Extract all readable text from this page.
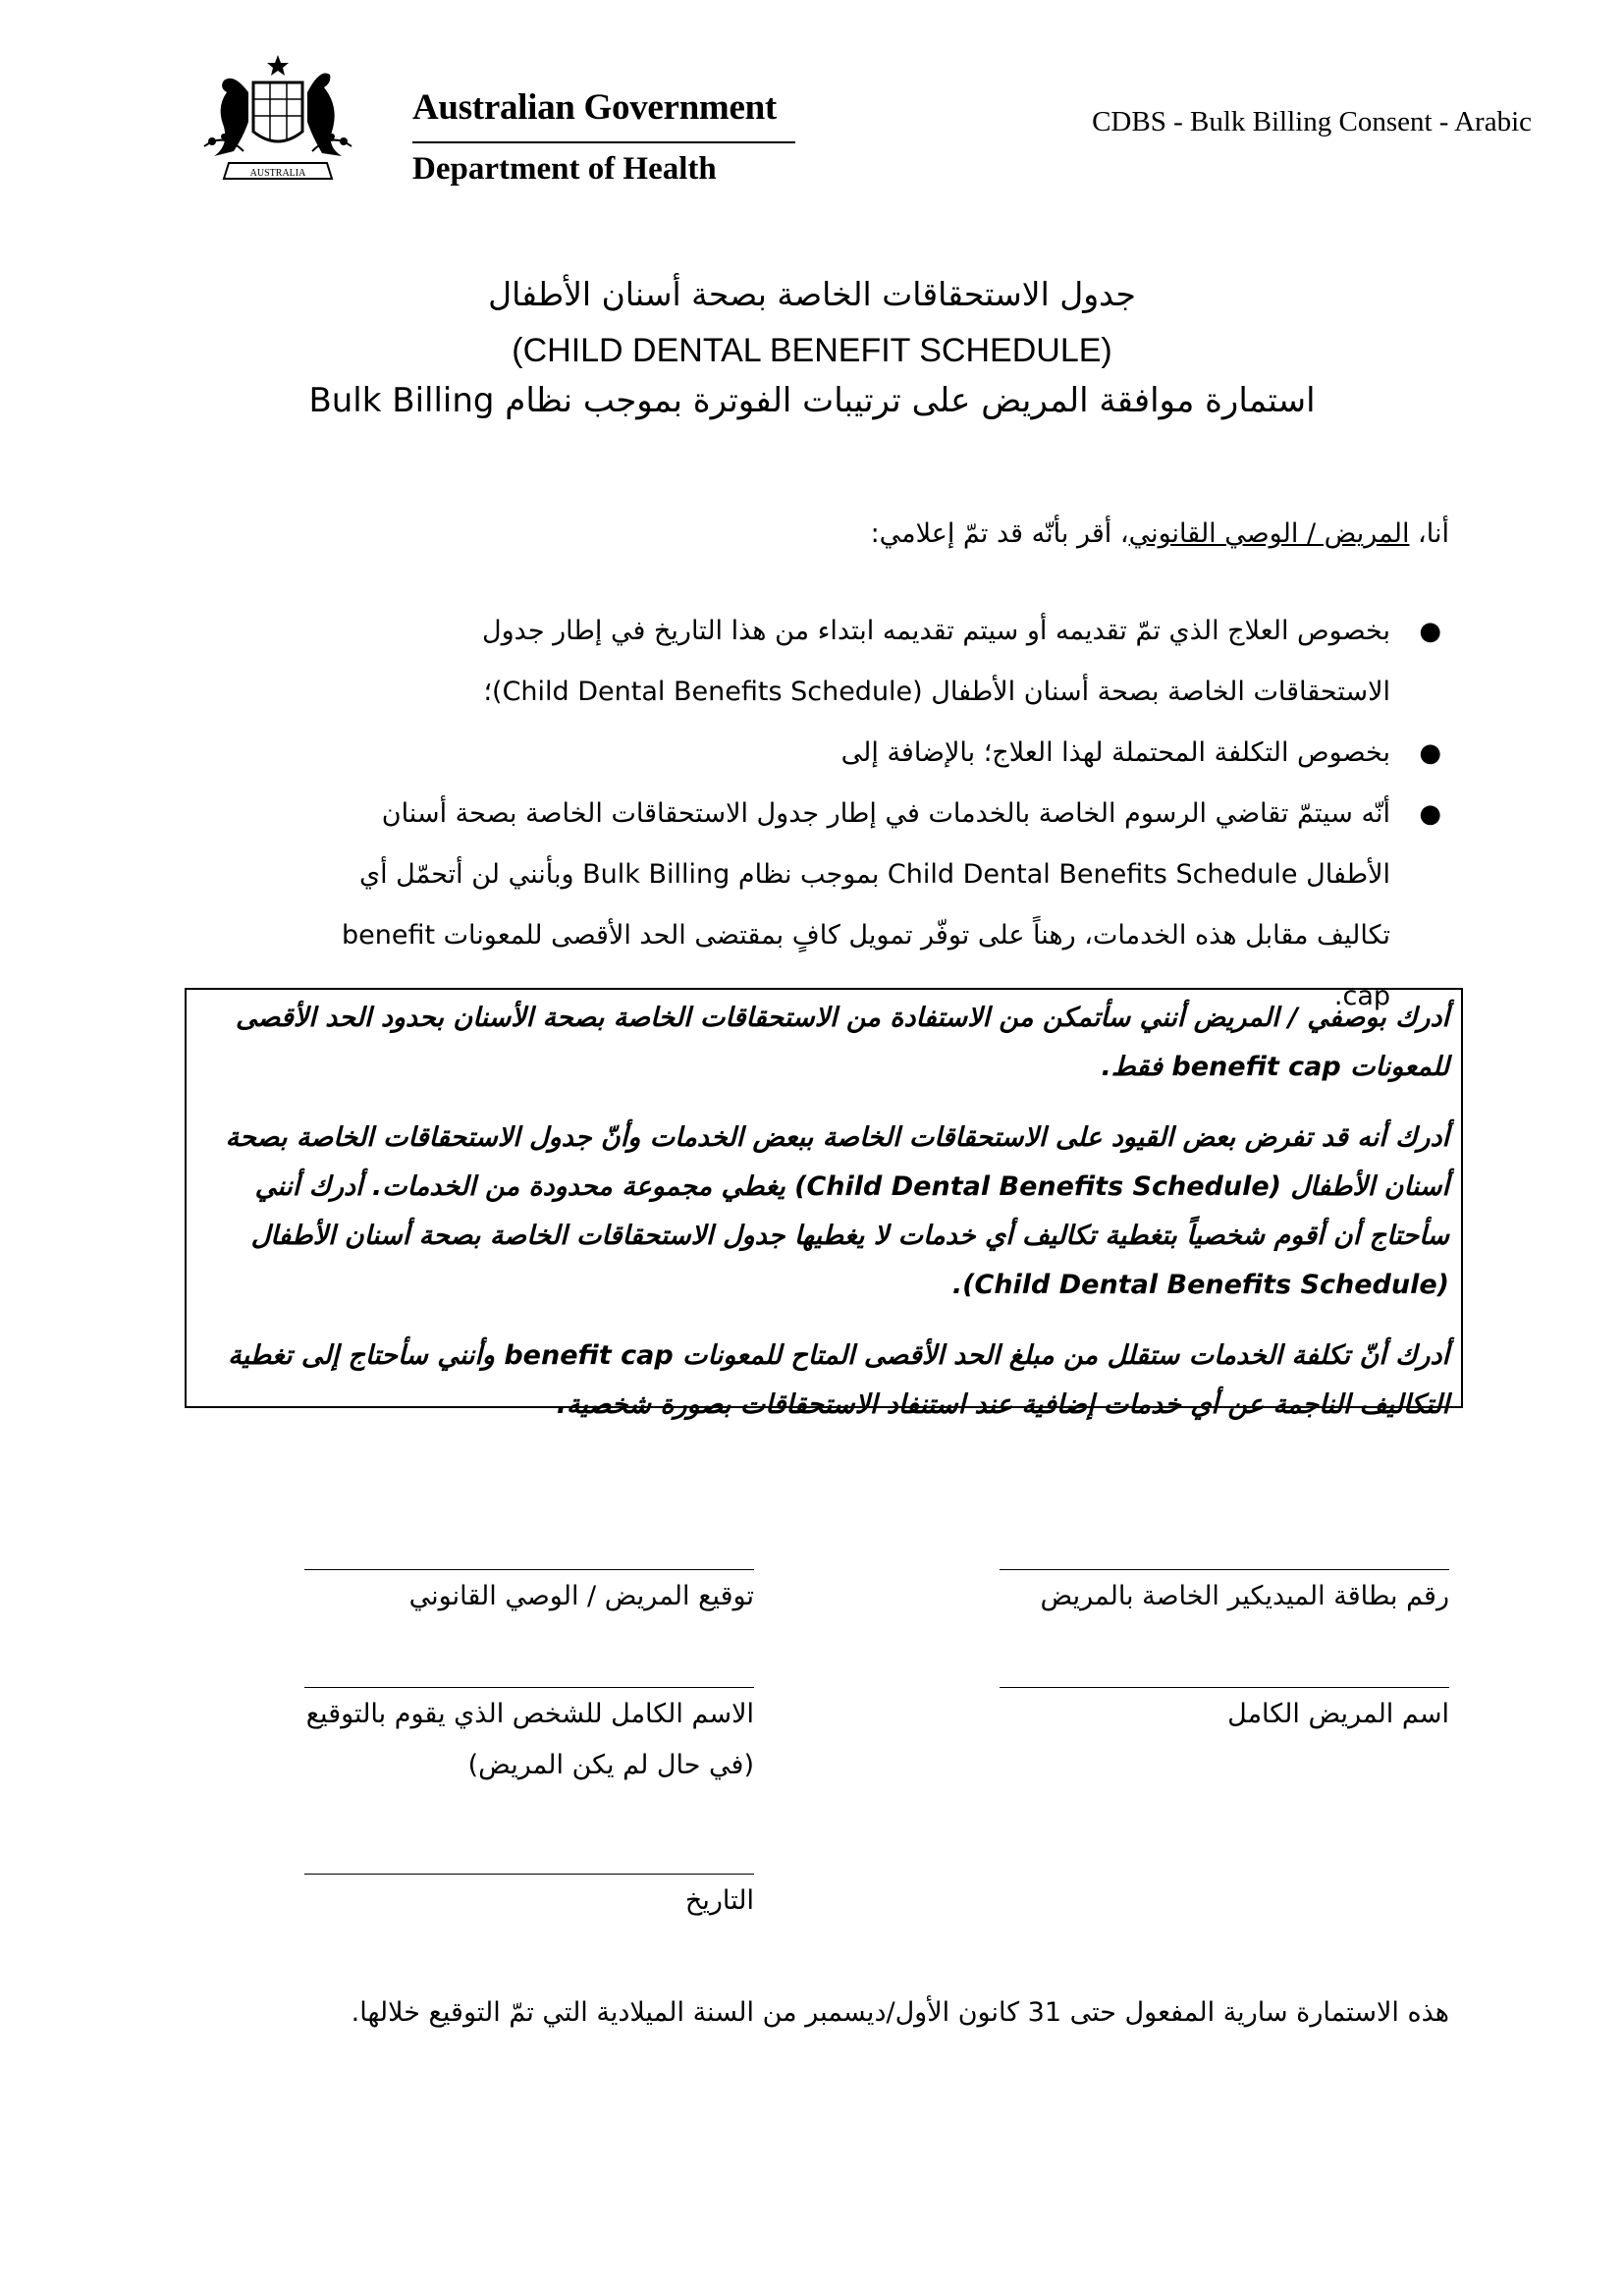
AUSTRALIA
Australian Government
Department of Health
CDBS - Bulk Billing Consent - Arabic
جدول الاستحقاقات الخاصة بصحة أسنان الأطفال
(CHILD DENTAL BENEFIT SCHEDULE)
استمارة موافقة المريض على ترتيبات الفوترة بموجب نظام Bulk Billing
أنا، المريض / الوصي القانوني، أقر بأنّه قد تمّ إعلامي:
●
بخصوص العلاج الذي تمّ تقديمه أو سيتم تقديمه ابتداء من هذا التاريخ في إطار جدول الاستحقاقات الخاصة بصحة أسنان الأطفال (Child Dental Benefits Schedule)؛
●
بخصوص التكلفة المحتملة لهذا العلاج؛ بالإضافة إلى
●
أنّه سيتمّ تقاضي الرسوم الخاصة بالخدمات في إطار جدول الاستحقاقات الخاصة بصحة أسنان الأطفال Child Dental Benefits Schedule بموجب نظام Bulk Billing وبأنني لن أتحمّل أي تكاليف مقابل هذه الخدمات، رهناً على توفّر تمويل كافٍ بمقتضى الحد الأقصى للمعونات benefit cap.

أدرك بوصفي / المريض أنني سأتمكن من الاستفادة من الاستحقاقات الخاصة بصحة الأسنان بحدود الحد الأقصى للمعونات benefit cap فقط.

أدرك أنه قد تفرض بعض القيود على الاستحقاقات الخاصة ببعض الخدمات وأنّ جدول الاستحقاقات الخاصة بصحة أسنان الأطفال (Child Dental Benefits Schedule) يغطي مجموعة محدودة من الخدمات. أدرك أنني سأحتاج أن أقوم شخصياً بتغطية تكاليف أي خدمات لا يغطيها جدول الاستحقاقات الخاصة بصحة أسنان الأطفال (Child Dental Benefits Schedule).

أدرك أنّ تكلفة الخدمات ستقلل من مبلغ الحد الأقصى المتاح للمعونات benefit cap وأنني سأحتاج إلى تغطية التكاليف الناجمة عن أي خدمات إضافية عند استنفاد الاستحقاقات بصورة شخصية.

رقم بطاقة الميديكير الخاصة بالمريض
اسم المريض الكامل
توقيع المريض / الوصي القانوني
الاسم الكامل للشخص الذي يقوم بالتوقيع
(في حال لم يكن المريض)
التاريخ
هذه الاستمارة سارية المفعول حتى 31 كانون الأول/ديسمبر من السنة الميلادية التي تمّ التوقيع خلالها.
